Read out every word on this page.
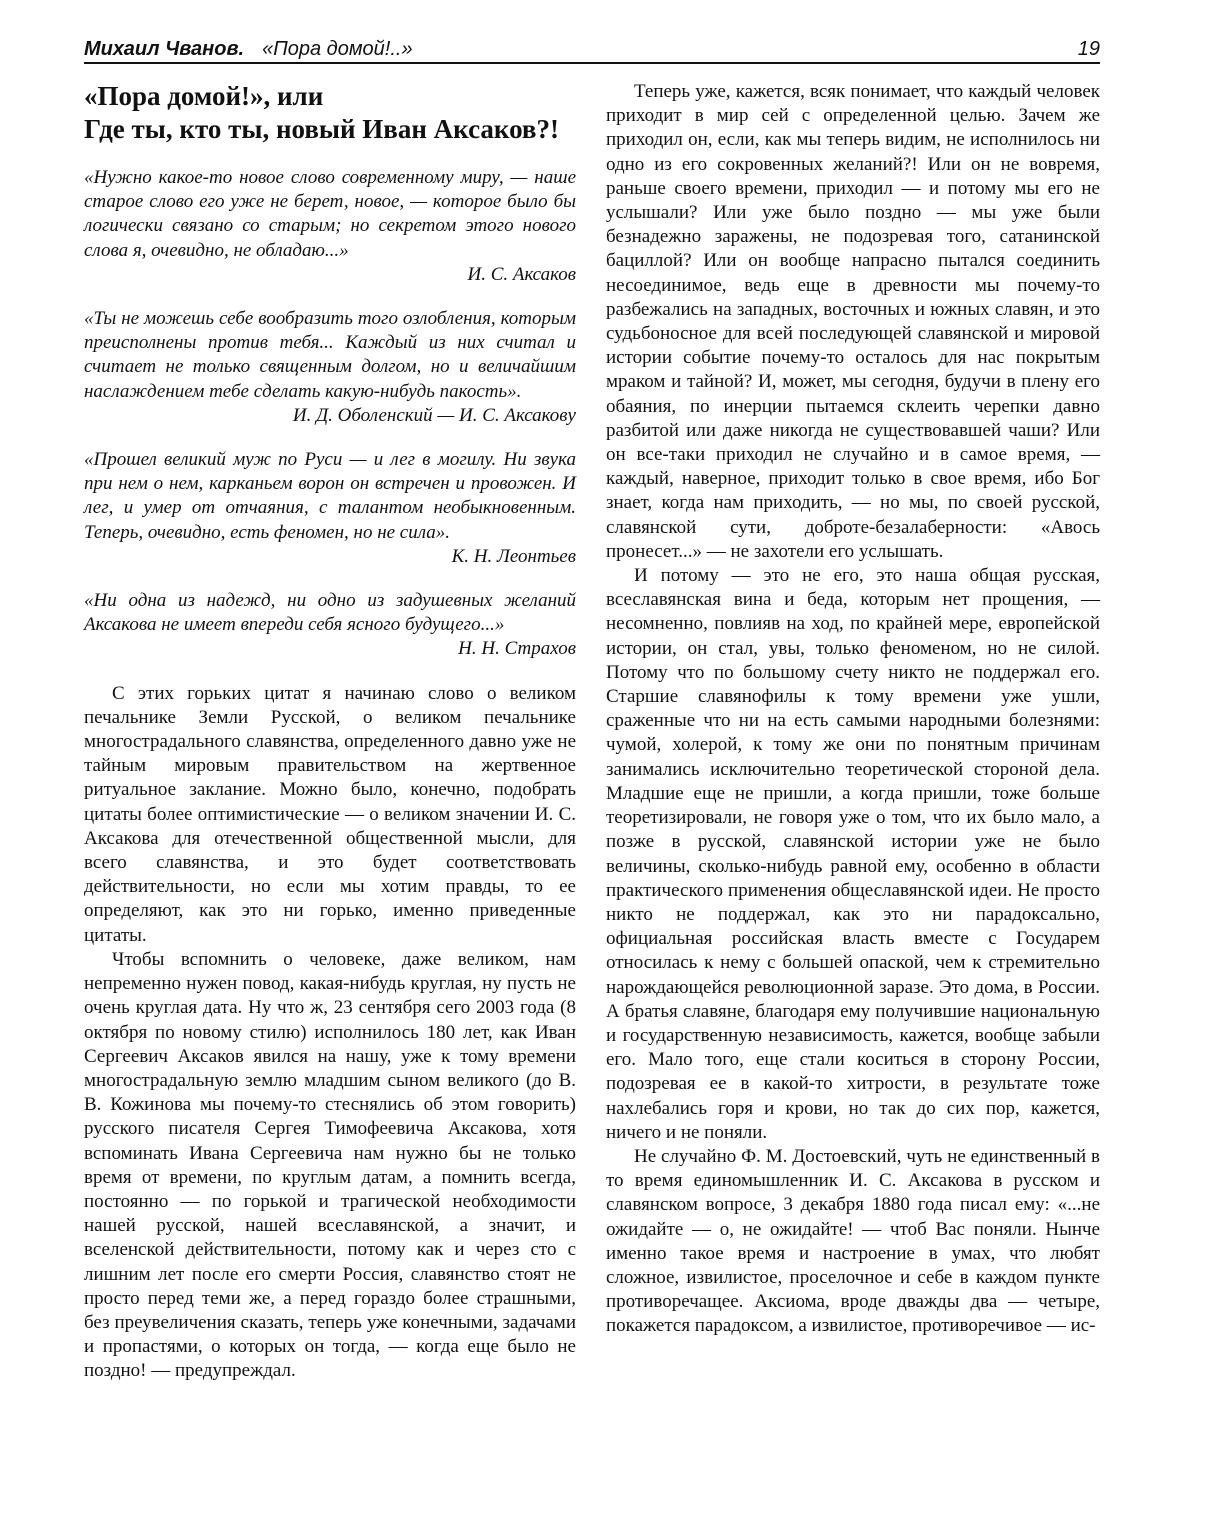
Михаил Чванов. «Пора домой!..»	19
«Пора домой!», или
Где ты, кто ты, новый Иван Аксаков?!

«Нужно какое-то новое слово современному миру, — наше старое слово его уже не берет, новое, — которое было бы логически связано со старым; но секретом этого нового слова я, очевидно, не обладаю...»

И. С. Аксаков

«Ты не можешь себе вообразить того озлобления, которым преисполнены против тебя... Каждый из них считал и считает не только священным долгом, но и величайшим наслаждением тебе сделать какую-нибудь пакость».

И. Д. Оболенский — И. С. Аксакову

«Прошел великий муж по Руси — и лег в могилу. Ни звука при нем о нем, карканьем ворон он встречен и провожен. И лег, и умер от отчаяния, с талантом необыкновенным. Теперь, очевидно, есть феномен, но не сила».

К. Н. Леонтьев

«Ни одна из надежд, ни одно из задушевных желаний Аксакова не имеет впереди себя ясного будущего...»

Н. Н. Страхов

С этих горьких цитат я начинаю слово о великом печальнике Земли Русской, о великом печальнике многострадального славянства, определенного давно уже не тайным мировым правительством на жертвенное ритуальное заклание. Можно было, конечно, подобрать цитаты более оптимистические — о великом значении И. С. Аксакова для отечественной общественной мысли, для всего славянства, и это будет соответствовать действительности, но если мы хотим правды, то ее определяют, как это ни горько, именно приведенные цитаты.

Чтобы вспомнить о человеке, даже великом, нам непременно нужен повод, какая-нибудь круглая, ну пусть не очень круглая дата. Ну что ж, 23 сентября сего 2003 года (8 октября по новому стилю) исполнилось 180 лет, как Иван Сергеевич Аксаков явился на нашу, уже к тому времени многострадальную землю младшим сыном великого (до В. В. Кожинова мы почему-то стеснялись об этом говорить) русского писателя Сергея Тимофеевича Аксакова, хотя вспоминать Ивана Сергеевича нам нужно бы не только время от времени, по круглым датам, а помнить всегда, постоянно — по горькой и трагической необходимости нашей русской, нашей всеславянской, а значит, и вселенской действительности, потому как и через сто с лишним лет после его смерти Россия, славянство стоят не просто перед теми же, а перед гораздо более страшными, без преувеличения сказать, теперь уже конечными, задачами и пропастями, о которых он тогда, — когда еще было не поздно! — предупреждал.

Теперь уже, кажется, всяк понимает, что каждый человек приходит в мир сей с определенной целью. Зачем же приходил он, если, как мы теперь видим, не исполнилось ни одно из его сокровенных желаний?! Или он не вовремя, раньше своего времени, приходил — и потому мы его не услышали? Или уже было поздно — мы уже были безнадежно заражены, не подозревая того, сатанинской бациллой? Или он вообще напрасно пытался соединить несоединимое, ведь еще в древности мы почему-то разбежались на западных, восточных и южных славян, и это судьбоносное для всей последующей славянской и мировой истории событие почему-то осталось для нас покрытым мраком и тайной? И, может, мы сегодня, будучи в плену его обаяния, по инерции пытаемся склеить черепки давно разбитой или даже никогда не существовавшей чаши? Или он все-таки приходил не случайно и в самое время, — каждый, наверное, приходит только в свое время, ибо Бог знает, когда нам приходить, — но мы, по своей русской, славянской сути, доброте-безалаберности: «Авось пронесет...» — не захотели его услышать.

И потому — это не его, это наша общая русская, всеславянская вина и беда, которым нет прощения, — несомненно, повлияв на ход, по крайней мере, европейской истории, он стал, увы, только феноменом, но не силой. Потому что по большому счету никто не поддержал его. Старшие славянофилы к тому времени уже ушли, сраженные что ни на есть самыми народными болезнями: чумой, холерой, к тому же они по понятным причинам занимались исключительно теоретической стороной дела. Младшие еще не пришли, а когда пришли, тоже больше теоретизировали, не говоря уже о том, что их было мало, а позже в русской, славянской истории уже не было величины, сколько-нибудь равной ему, особенно в области практического применения общеславянской идеи. Не просто никто не поддержал, как это ни парадоксально, официальная российская власть вместе с Государем относилась к нему с большей опаской, чем к стремительно нарождающейся революционной заразе. Это дома, в России. А братья славяне, благодаря ему получившие национальную и государственную независимость, кажется, вообще забыли его. Мало того, еще стали коситься в сторону России, подозревая ее в какой-то хитрости, в результате тоже нахлебались горя и крови, но так до сих пор, кажется, ничего и не поняли.

Не случайно Ф. М. Достоевский, чуть не единственный в то время единомышленник И. С. Аксакова в русском и славянском вопросе, 3 декабря 1880 года писал ему: «...не ожидайте — о, не ожидайте! — чтоб Вас поняли. Нынче именно такое время и настроение в умах, что любят сложное, извилистое, проселочное и себе в каждом пункте противоречащее. Аксиома, вроде дважды два — четыре, покажется парадоксом, а извилистое, противоречивое — ис-
